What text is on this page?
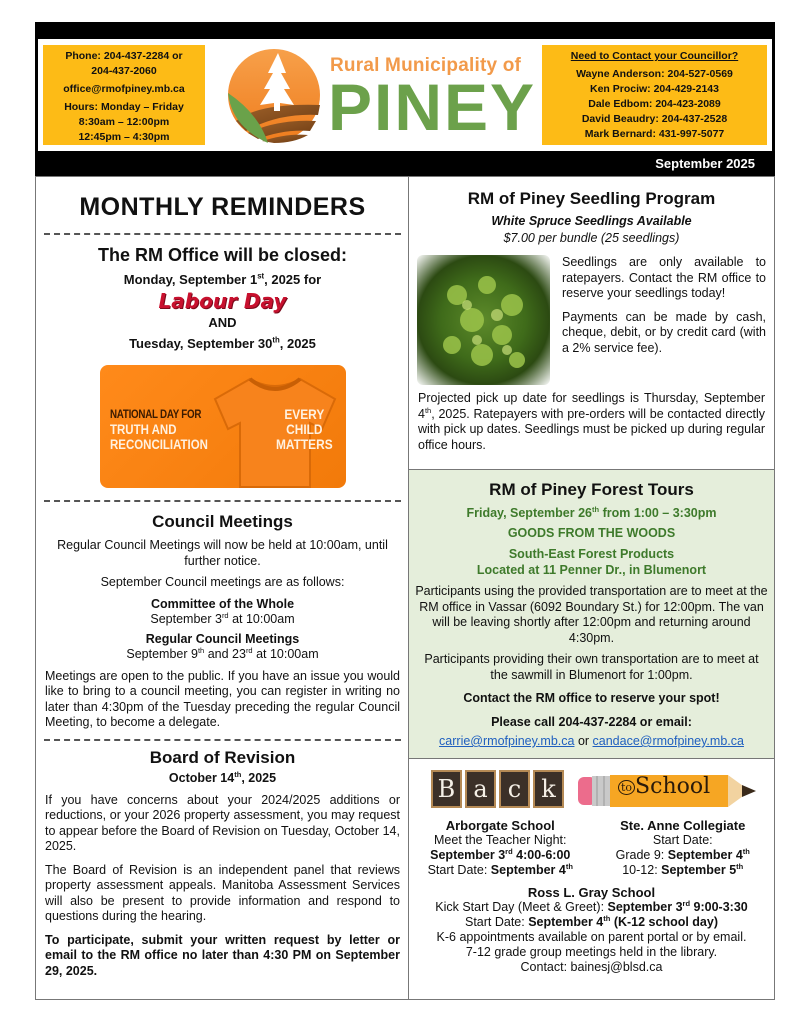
Phone: 204-437-2284 or
204-437-2060
office@rmofpiney.mb.ca
Hours: Monday – Friday
8:30am – 12:00pm
12:45pm – 4:30pm
Rural Municipality of
PINEY
Need to Contact your Councillor?
Wayne Anderson: 204-527-0569
Ken Prociw: 204-429-2143
Dale Edbom: 204-423-2089
David Beaudry: 204-437-2528
Mark Bernard: 431-997-5077
September 2025
MONTHLY REMINDERS
The RM Office will be closed:
Monday, September 1st, 2025 for
Labour Day
AND
Tuesday, September 30th, 2025
NATIONAL DAY FOR
TRUTH AND
RECONCILIATION
EVERY
CHILD
MATTERS
Council Meetings
Regular Council Meetings will now be held at 10:00am, until further notice.
September Council meetings are as follows:
Committee of the Whole
September 3rd at 10:00am
Regular Council Meetings
September 9th and 23rd at 10:00am
Meetings are open to the public. If you have an issue you would like to bring to a council meeting, you can register in writing no later than 4:30pm of the Tuesday preceding the regular Council Meeting, to become a delegate.
Board of Revision
October 14th, 2025
If you have concerns about your 2024/2025 additions or reductions, or your 2026 property assessment, you may request to appear before the Board of Revision on Tuesday, October 14, 2025.
The Board of Revision is an independent panel that reviews property assessment appeals. Manitoba Assessment Services will also be present to provide information and respond to questions during the hearing.
To participate, submit your written request by letter or email to the RM office no later than 4:30 PM on September 29, 2025.
RM of Piney Seedling Program
White Spruce Seedlings Available
$7.00 per bundle (25 seedlings)
Seedlings are only available to ratepayers. Contact the RM office to reserve your seedlings today!
Payments can be made by cash, cheque, debit, or by credit card (with a 2% service fee).
Projected pick up date for seedlings is Thursday, September 4th, 2025. Ratepayers with pre-orders will be contacted directly with pick up dates. Seedlings must be picked up during regular office hours.
RM of Piney Forest Tours
Friday, September 26th from 1:00 – 3:30pm
GOODS FROM THE WOODS
South-East Forest Products
Located at 11 Penner Dr., in Blumenort
Participants using the provided transportation are to meet at the RM office in Vassar (6092 Boundary St.) for 12:00pm. The van will be leaving shortly after 12:00pm and returning around 4:30pm.
Participants providing their own transportation are to meet at the sawmill in Blumenort for 1:00pm.
Contact the RM office to reserve your spot!
Please call 204-437-2284 or email:
carrie@rmofpiney.mb.ca or candace@rmofpiney.mb.ca
B a c k	to School
Arborgate School
Meet the Teacher Night:
September 3rd 4:00-6:00
Start Date: September 4th
Ste. Anne Collegiate
Start Date:
Grade 9: September 4th
10-12: September 5th
Ross L. Gray School
Kick Start Day (Meet & Greet): September 3rd 9:00-3:30
Start Date: September 4th (K-12 school day)
K-6 appointments available on parent portal or by email.
7-12 grade group meetings held in the library.
Contact: bainesj@blsd.ca
